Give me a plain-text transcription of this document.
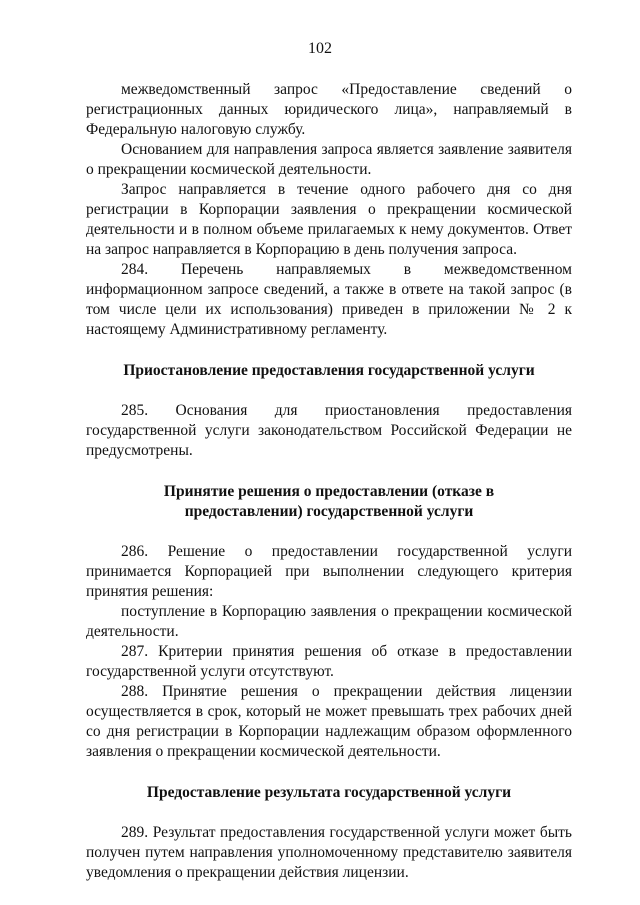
102

межведомственный запрос «Предоставление сведений о регистрационных данных юридического лица», направляемый в Федеральную налоговую службу.

Основанием для направления запроса является заявление заявителя о прекращении космической деятельности.

Запрос направляется в течение одного рабочего дня со дня регистрации в Корпорации заявления о прекращении космической деятельности и в полном объеме прилагаемых к нему документов. Ответ на запрос направляется в Корпорацию в день получения запроса.

284. Перечень направляемых в межведомственном информационном запросе сведений, а также в ответе на такой запрос (в том числе цели их использования) приведен в приложении № 2 к настоящему Административному регламенту.

Приостановление предоставления государственной услуги

285. Основания для приостановления предоставления государственной услуги законодательством Российской Федерации не предусмотрены.

Принятие решения о предоставлении (отказе в предоставлении) государственной услуги

286. Решение о предоставлении государственной услуги принимается Корпорацией при выполнении следующего критерия принятия решения:

поступление в Корпорацию заявления о прекращении космической деятельности.

287. Критерии принятия решения об отказе в предоставлении государственной услуги отсутствуют.

288. Принятие решения о прекращении действия лицензии осуществляется в срок, который не может превышать трех рабочих дней со дня регистрации в Корпорации надлежащим образом оформленного заявления о прекращении космической деятельности.

Предоставление результата государственной услуги

289. Результат предоставления государственной услуги может быть получен путем направления уполномоченному представителю заявителя уведомления о прекращении действия лицензии.
